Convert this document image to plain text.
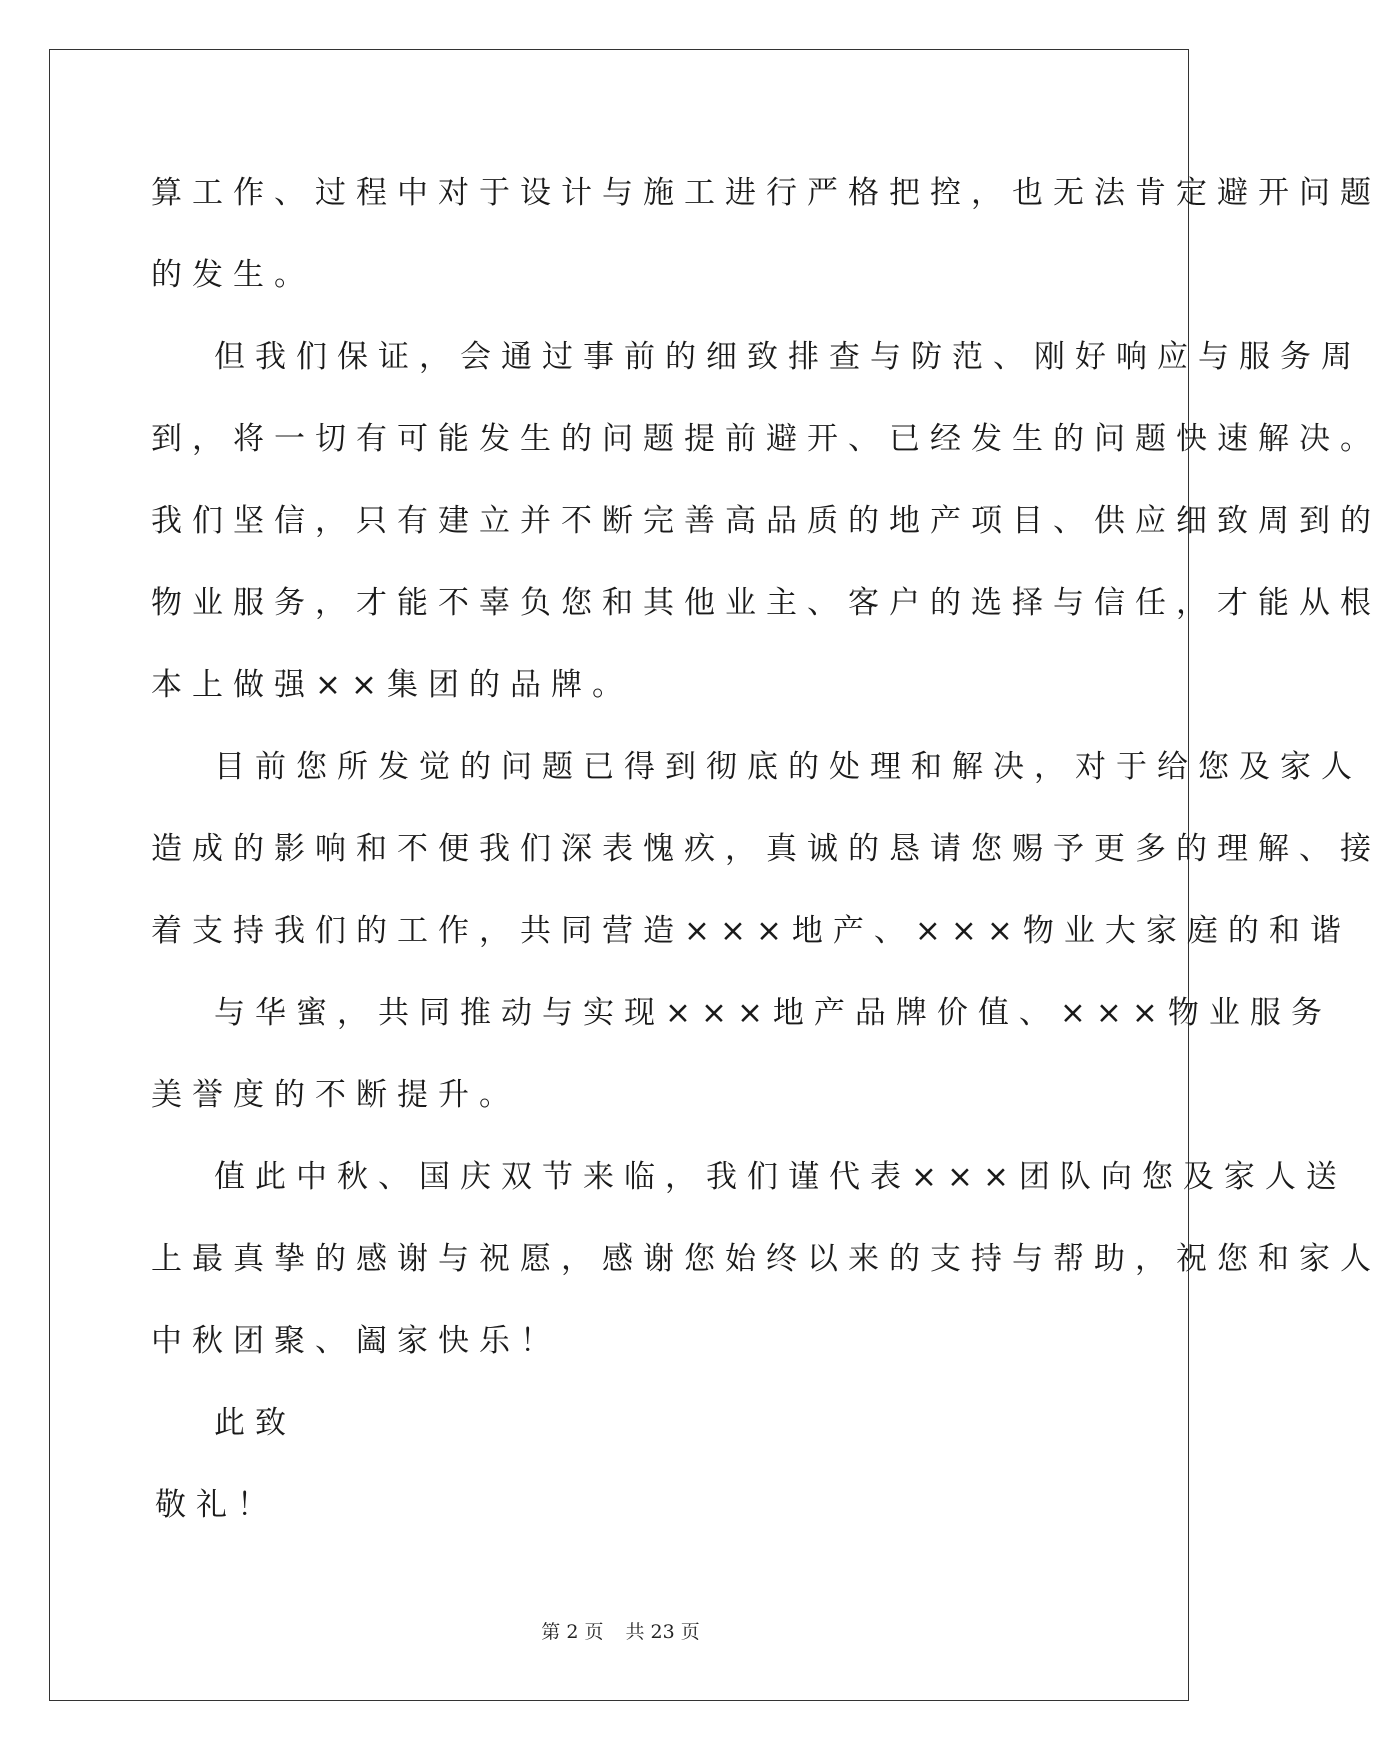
算工作、过程中对于设计与施工进行严格把控，也无法肯定避开问题
的发生。
但我们保证，会通过事前的细致排查与防范、刚好响应与服务周
到，将一切有可能发生的问题提前避开、已经发生的问题快速解决。
我们坚信，只有建立并不断完善高品质的地产项目、供应细致周到的
物业服务，才能不辜负您和其他业主、客户的选择与信任，才能从根
本上做强××集团的品牌。
目前您所发觉的问题已得到彻底的处理和解决，对于给您及家人
造成的影响和不便我们深表愧疚，真诚的恳请您赐予更多的理解、接
着支持我们的工作，共同营造×××地产、×××物业大家庭的和谐
与华蜜，共同推动与实现×××地产品牌价值、×××物业服务
美誉度的不断提升。
值此中秋、国庆双节来临，我们谨代表×××团队向您及家人送
上最真挚的感谢与祝愿，感谢您始终以来的支持与帮助，祝您和家人
中秋团聚、阖家快乐！
此致
敬礼！
第 2 页 共 23 页
